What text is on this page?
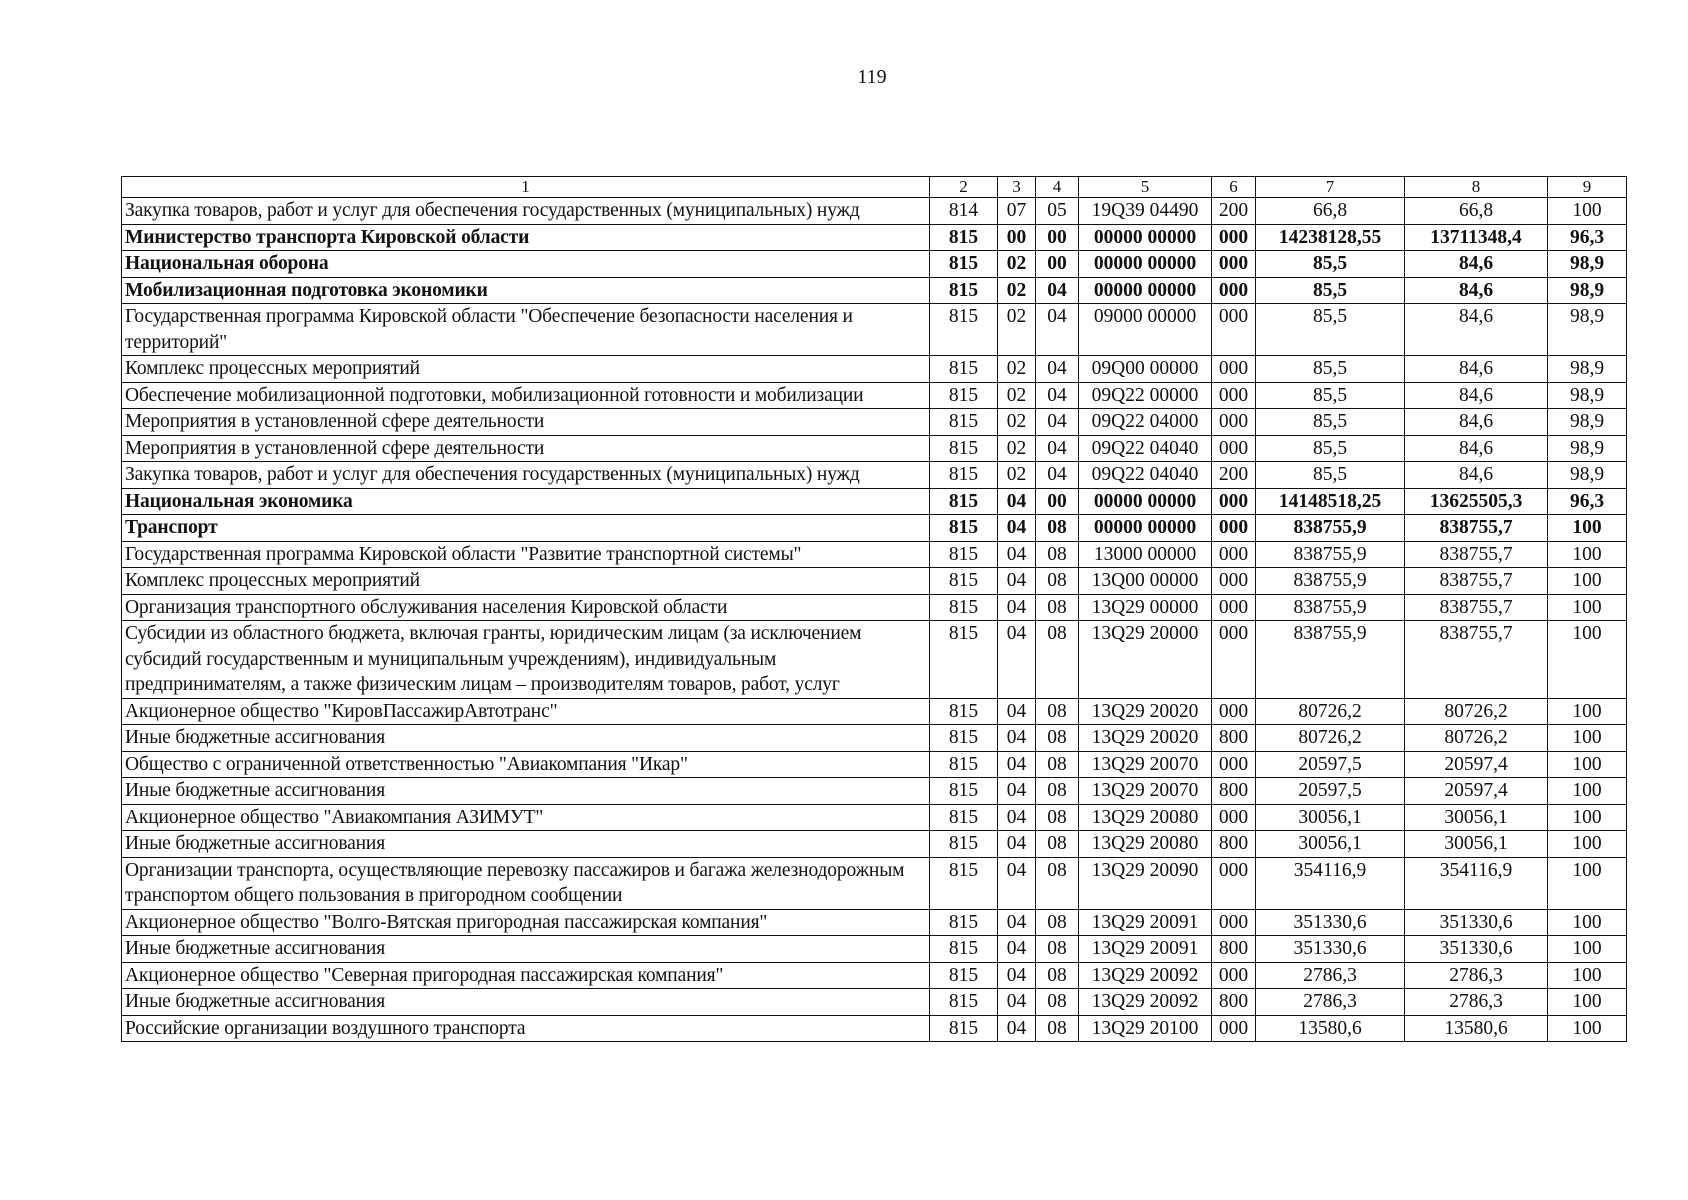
119
1	2	3	4	5	6	7	8	9
Закупка товаров, работ и услуг для обеспечения государственных (муниципальных) нужд	814	07	05	19Q39 04490	200	66,8	66,8	100
Министерство транспорта Кировской области	815	00	00	00000 00000	000	14238128,55	13711348,4	96,3
Национальная оборона	815	02	00	00000 00000	000	85,5	84,6	98,9
Мобилизационная подготовка экономики	815	02	04	00000 00000	000	85,5	84,6	98,9
Государственная программа Кировской области "Обеспечение безопасности населения и территорий"	815	02	04	09000 00000	000	85,5	84,6	98,9
Комплекс процессных мероприятий	815	02	04	09Q00 00000	000	85,5	84,6	98,9
Обеспечение мобилизационной подготовки, мобилизационной готовности и мобилизации	815	02	04	09Q22 00000	000	85,5	84,6	98,9
Мероприятия в установленной сфере деятельности	815	02	04	09Q22 04000	000	85,5	84,6	98,9
Мероприятия в установленной сфере деятельности	815	02	04	09Q22 04040	000	85,5	84,6	98,9
Закупка товаров, работ и услуг для обеспечения государственных (муниципальных) нужд	815	02	04	09Q22 04040	200	85,5	84,6	98,9
Национальная экономика	815	04	00	00000 00000	000	14148518,25	13625505,3	96,3
Транспорт	815	04	08	00000 00000	000	838755,9	838755,7	100
Государственная программа Кировской области "Развитие транспортной системы"	815	04	08	13000 00000	000	838755,9	838755,7	100
Комплекс процессных мероприятий	815	04	08	13Q00 00000	000	838755,9	838755,7	100
Организация транспортного обслуживания населения Кировской области	815	04	08	13Q29 00000	000	838755,9	838755,7	100
Субсидии из областного бюджета, включая гранты, юридическим лицам (за исключением субсидий государственным и муниципальным учреждениям), индивидуальным предпринимателям, а также физическим лицам – производителям товаров, работ, услуг	815	04	08	13Q29 20000	000	838755,9	838755,7	100
Акционерное общество "КировПассажирАвтотранс"	815	04	08	13Q29 20020	000	80726,2	80726,2	100
Иные бюджетные ассигнования	815	04	08	13Q29 20020	800	80726,2	80726,2	100
Общество с ограниченной ответственностью "Авиакомпания "Икар"	815	04	08	13Q29 20070	000	20597,5	20597,4	100
Иные бюджетные ассигнования	815	04	08	13Q29 20070	800	20597,5	20597,4	100
Акционерное общество "Авиакомпания АЗИМУТ"	815	04	08	13Q29 20080	000	30056,1	30056,1	100
Иные бюджетные ассигнования	815	04	08	13Q29 20080	800	30056,1	30056,1	100
Организации транспорта, осуществляющие перевозку пассажиров и багажа железнодорожным транспортом общего пользования в пригородном сообщении	815	04	08	13Q29 20090	000	354116,9	354116,9	100
Акционерное общество "Волго-Вятская пригородная пассажирская компания"	815	04	08	13Q29 20091	000	351330,6	351330,6	100
Иные бюджетные ассигнования	815	04	08	13Q29 20091	800	351330,6	351330,6	100
Акционерное общество "Северная пригородная пассажирская компания"	815	04	08	13Q29 20092	000	2786,3	2786,3	100
Иные бюджетные ассигнования	815	04	08	13Q29 20092	800	2786,3	2786,3	100
Российские организации воздушного транспорта	815	04	08	13Q29 20100	000	13580,6	13580,6	100
